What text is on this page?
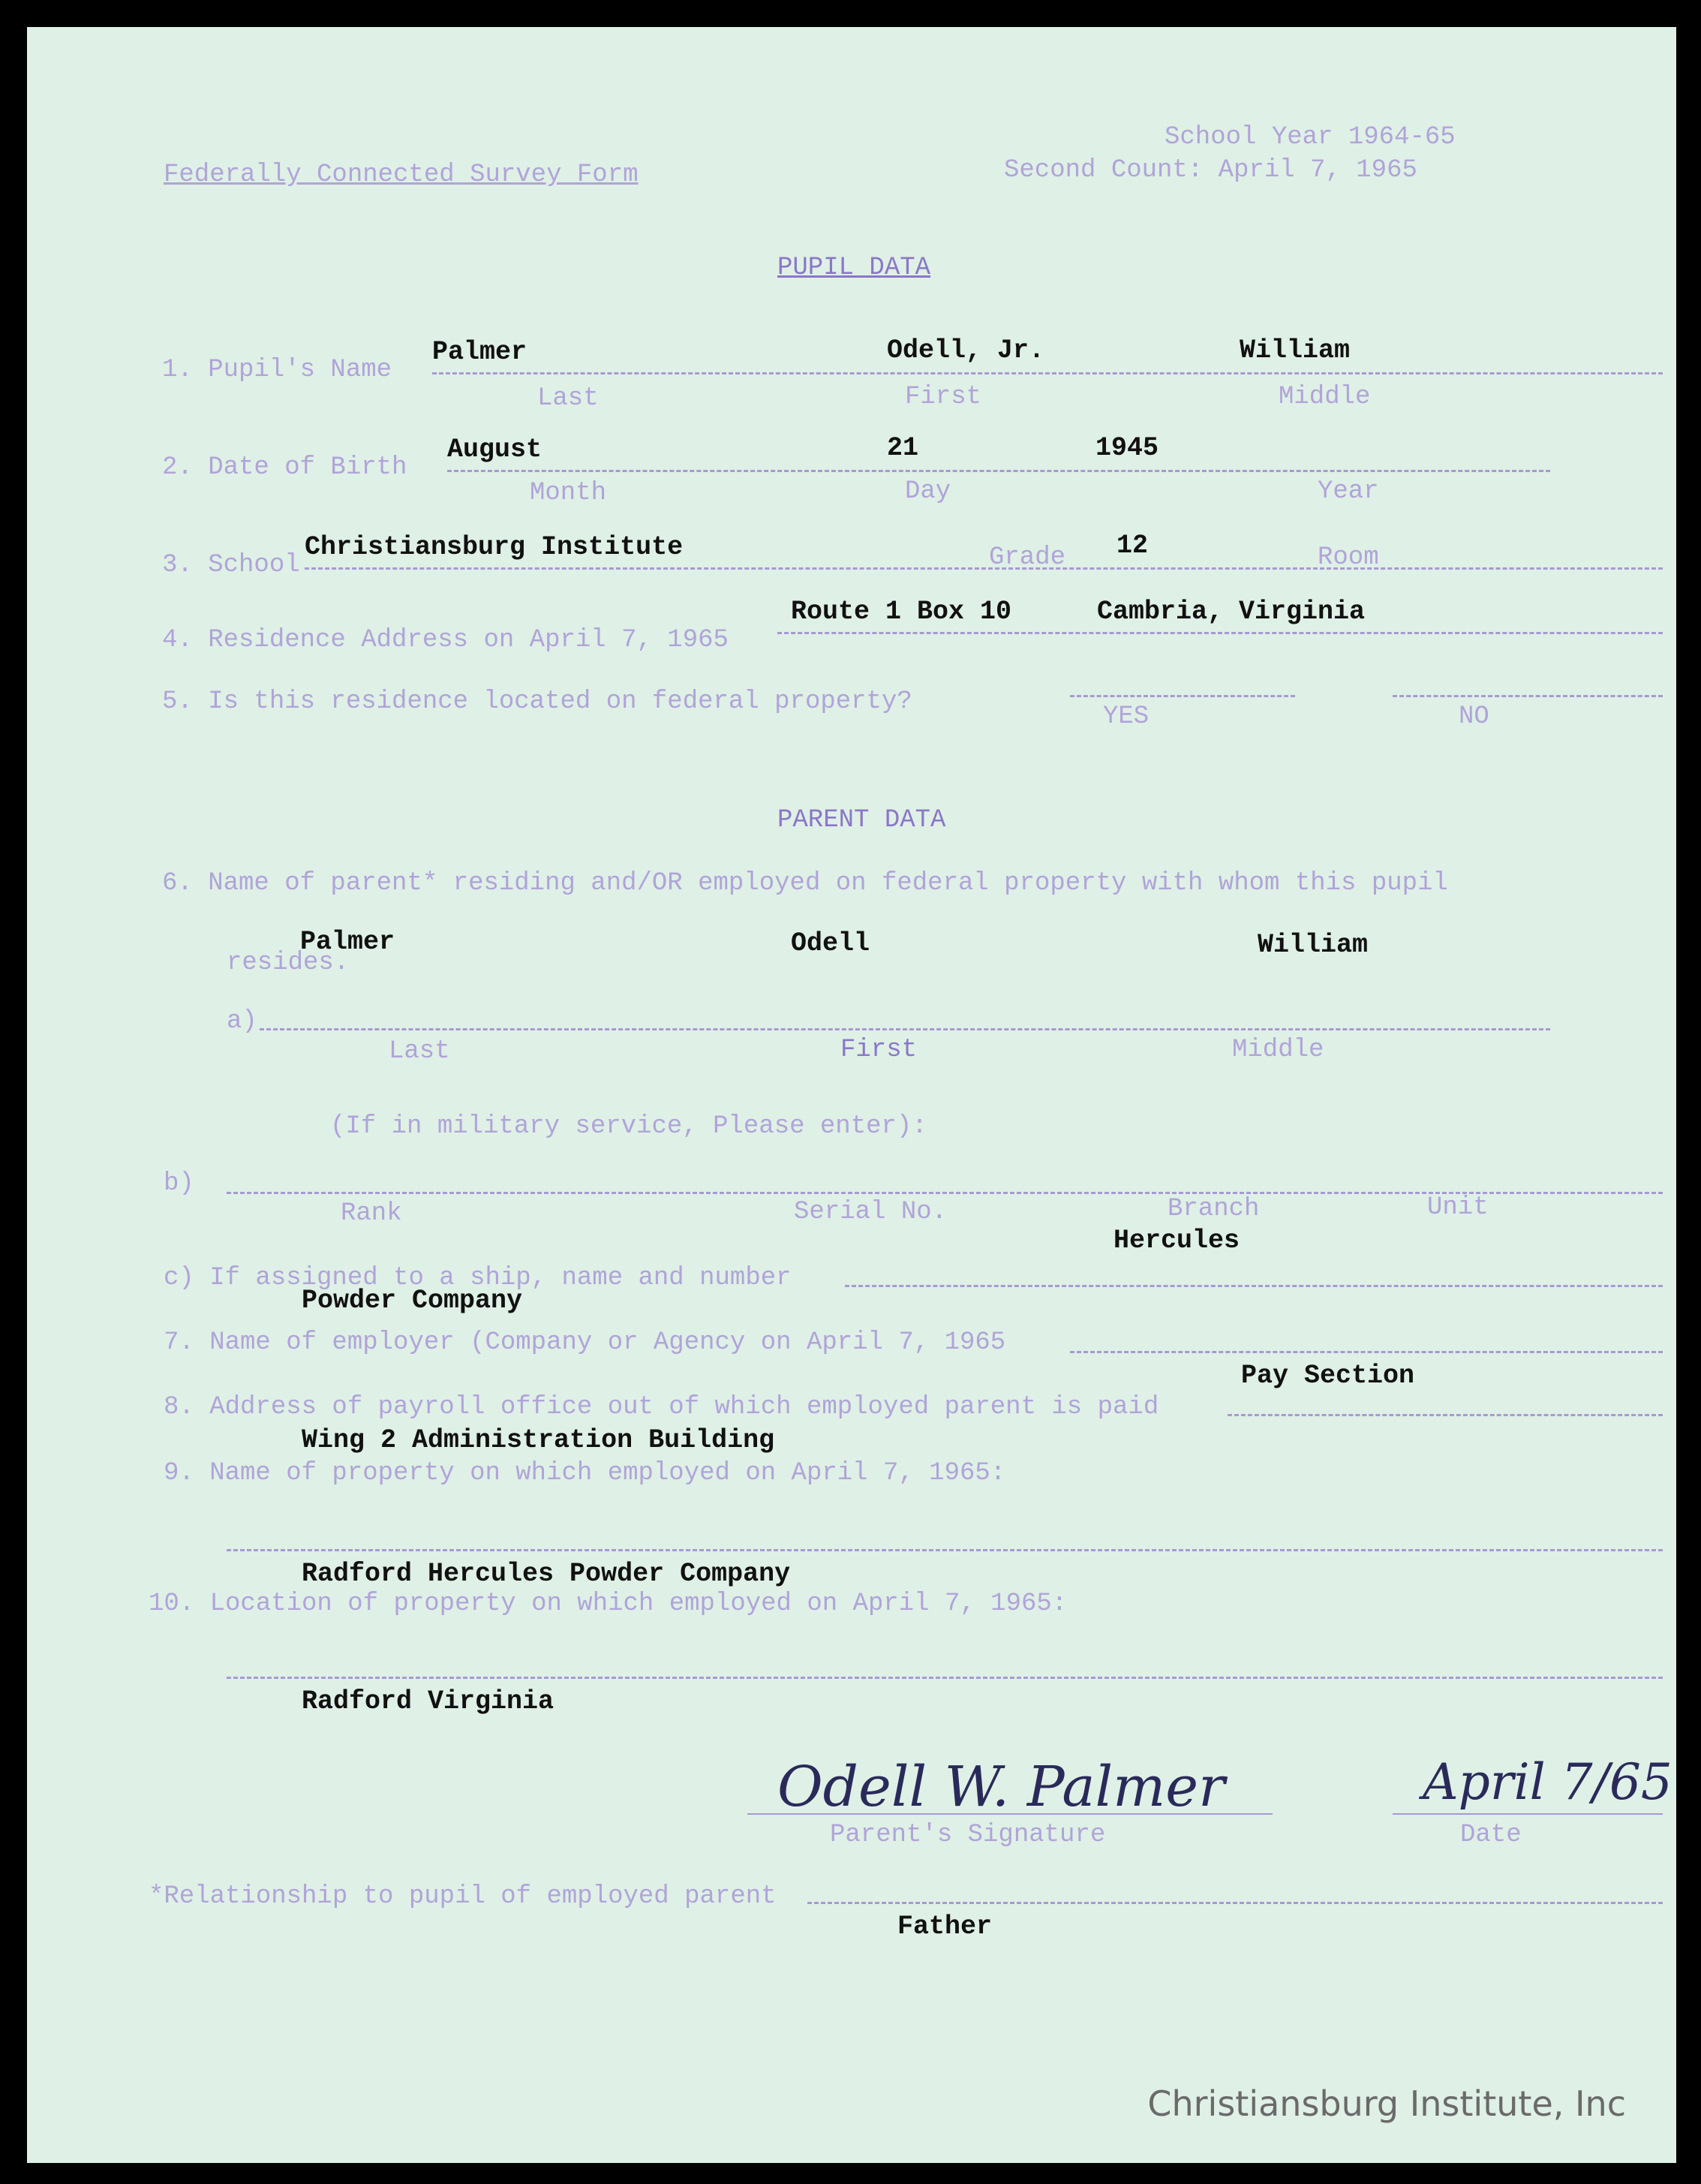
Federally Connected Survey Form
School Year 1964-65
Second Count: April 7, 1965
PUPIL DATA
1. Pupil's Name
Palmer	Odell, Jr.	William
Last	First	Middle
2. Date of Birth
August	21	1945
Month	Day	Year
3. School
Christiansburg Institute	Grade 12	Room
4. Residence Address on April 7, 1965
Route 1 Box 10	Cambria, Virginia
5. Is this residence located on federal property?
YES	NO
PARENT DATA
6. Name of parent* residing and/OR employed on federal property with whom this pupil
resides.
Palmer	Odell	William
a)
Last	First	Middle
(If in military service, Please enter):
b)
Rank	Serial No.	Branch	Unit
Hercules
c) If assigned to a ship, name and number
Powder Company
7. Name of employer (Company or Agency on April 7, 1965
Pay Section
8. Address of payroll office out of which employed parent is paid
Wing 2 Administration Building
9. Name of property on which employed on April 7, 1965:
Radford Hercules Powder Company
10. Location of property on which employed on April 7, 1965:
Radford Virginia
Odell W. Palmer
Parent's Signature
April 7/65
Date
*Relationship to pupil of employed parent
Father
Christiansburg Institute, Inc
